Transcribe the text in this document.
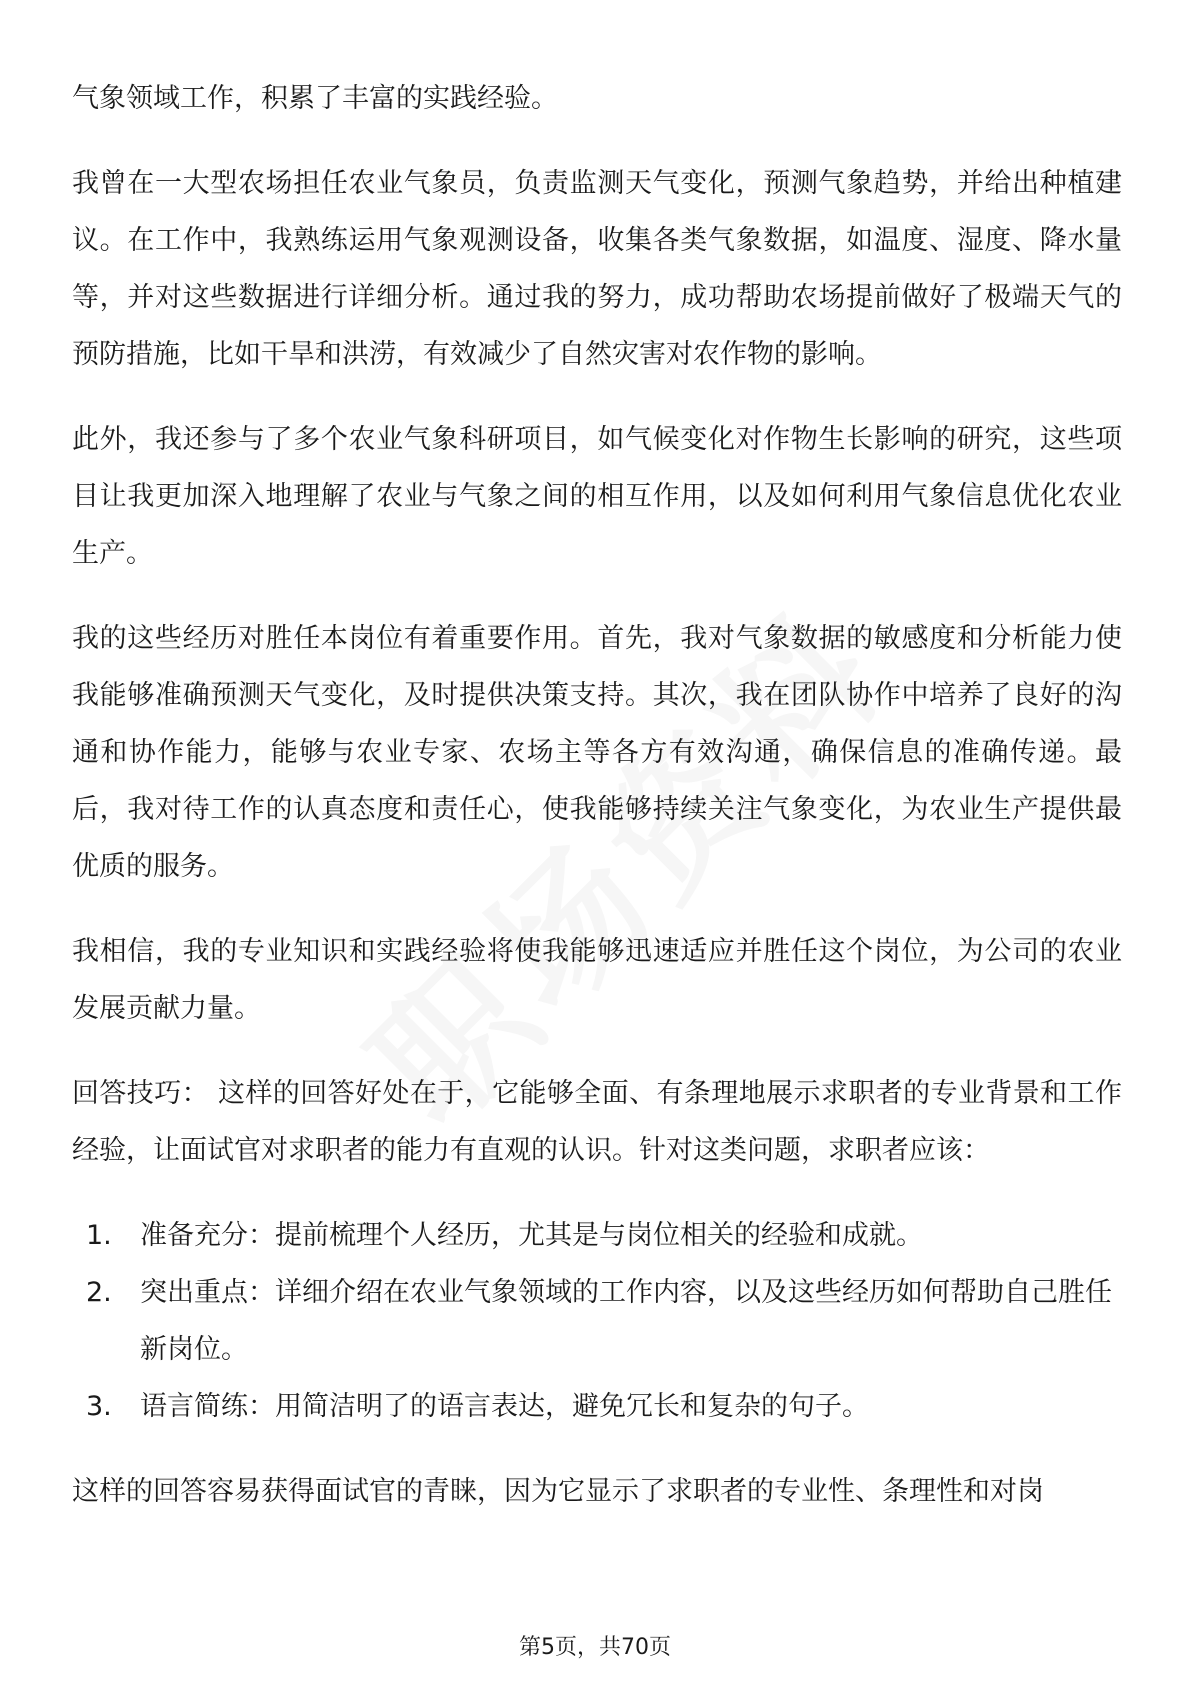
气象领域工作，积累了丰富的实践经验。

我曾在一大型农场担任农业气象员，负责监测天气变化，预测气象趋势，并给出种植建议。在工作中，我熟练运用气象观测设备，收集各类气象数据，如温度、湿度、降水量等，并对这些数据进行详细分析。通过我的努力，成功帮助农场提前做好了极端天气的预防措施，比如干旱和洪涝，有效减少了自然灾害对农作物的影响。

此外，我还参与了多个农业气象科研项目，如气候变化对作物生长影响的研究，这些项目让我更加深入地理解了农业与气象之间的相互作用，以及如何利用气象信息优化农业生产。

我的这些经历对胜任本岗位有着重要作用。首先，我对气象数据的敏感度和分析能力使我能够准确预测天气变化，及时提供决策支持。其次，我在团队协作中培养了良好的沟通和协作能力，能够与农业专家、农场主等各方有效沟通，确保信息的准确传递。最后，我对待工作的认真态度和责任心，使我能够持续关注气象变化，为农业生产提供最优质的服务。

我相信，我的专业知识和实践经验将使我能够迅速适应并胜任这个岗位，为公司的农业发展贡献力量。

回答技巧： 这样的回答好处在于，它能够全面、有条理地展示求职者的专业背景和工作经验，让面试官对求职者的能力有直观的认识。针对这类问题，求职者应该：

1.	准备充分：提前梳理个人经历，尤其是与岗位相关的经验和成就。
2.	突出重点：详细介绍在农业气象领域的工作内容，以及这些经历如何帮助自己胜任新岗位。
3.	语言简练：用简洁明了的语言表达，避免冗长和复杂的句子。

这样的回答容易获得面试官的青睐，因为它显示了求职者的专业性、条理性和对岗

第5页，共70页
